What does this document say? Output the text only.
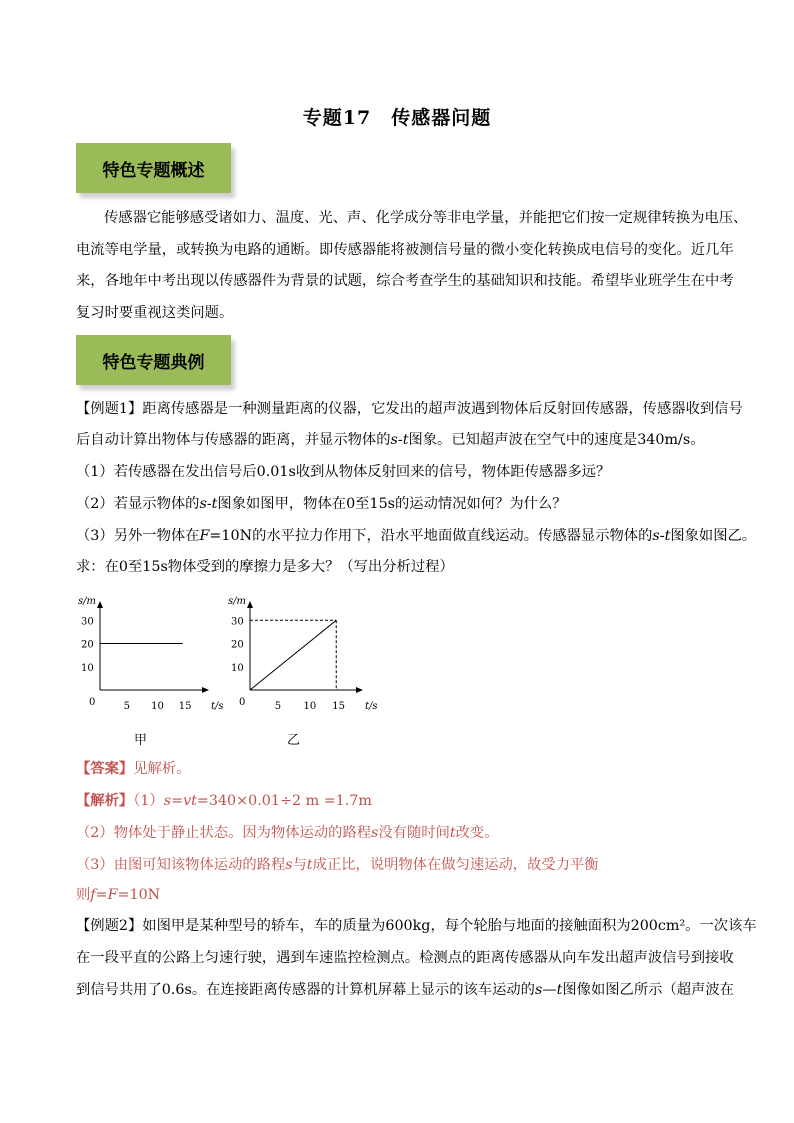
专题17　传感器问题
特色专题概述
传感器它能够感受诸如力、温度、光、声、化学成分等非电学量，并能把它们按一定规律转换为电压、
电流等电学量，或转换为电路的通断。即传感器能将被测信号量的微小变化转换成电信号的变化。近几年
来，各地年中考出现以传感器件为背景的试题，综合考查学生的基础知识和技能。希望毕业班学生在中考
复习时要重视这类问题。
特色专题典例
【例题1】距离传感器是一种测量距离的仪器，它发出的超声波遇到物体后反射回传感器，传感器收到信号
后自动计算出物体与传感器的距离，并显示物体的s-t图象。已知超声波在空气中的速度是340m/s。
（1）若传感器在发出信号后0.01s收到从物体反射回来的信号，物体距传感器多远？
（2）若显示物体的s-t图象如图甲，物体在0至15s的运动情况如何？为什么？
（3）另外一物体在F=10N的水平拉力作用下，沿水平地面做直线运动。传感器显示物体的s-t图象如图乙。
求：在0至15s物体受到的摩擦力是多大？（写出分析过程）
s/m
t/s
0
10
20
30
5 10 15
s/m
t/s
0
10
20
30
5 10 15
甲	乙
【答案】见解析。
【解析】（1）s=vt=340×0.01÷2 m =1.7m
（2）物体处于静止状态。因为物体运动的路程s没有随时间t改变。
（3）由图可知该物体运动的路程s与t成正比，说明物体在做匀速运动，故受力平衡
则f=F=10N
【例题2】如图甲是某种型号的轿车，车的质量为600kg，每个轮胎与地面的接触面积为200cm²。一次该车
在一段平直的公路上匀速行驶，遇到车速监控检测点。检测点的距离传感器从向车发出超声波信号到接收
到信号共用了0.6s。在连接距离传感器的计算机屏幕上显示的该车运动的s—t图像如图乙所示（超声波在
